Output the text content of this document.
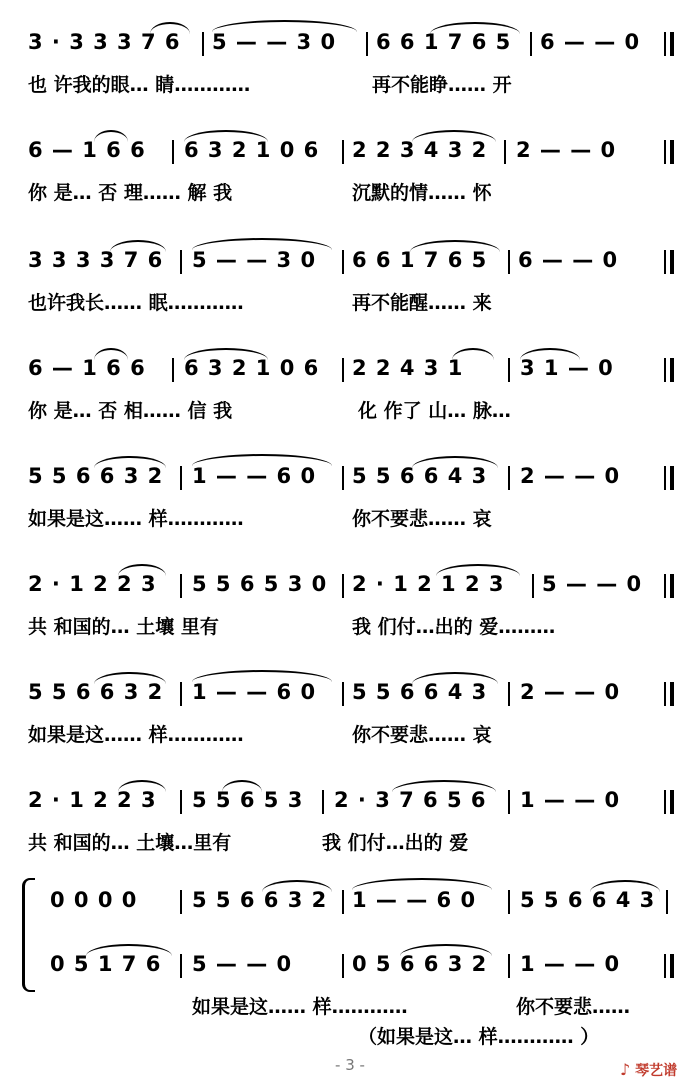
3 · 3 3 3 7 6 5 — — 3 0 6 6 1 7 6 5 6 — — 0
也 许我的眼… 睛…………	再不能睁…… 开
6 — 1 6 6 6 3 2 1 0 6 2 2 3 4 3 2 2 — — 0
你 是… 否 理…… 解 我	沉默的情…… 怀
3 3 3 3 7 6 5 — — 3 0 6 6 1 7 6 5 6 — — 0
也许我长…… 眠…………	再不能醒…… 来
6 — 1 6 6 6 3 2 1 0 6 2 2 4 3 1	3 1 — 0
你 是… 否 相…… 信 我	化 作了 山… 脉…
5 5 6 6 3 2 1 — — 6 0 5 5 6 6 4 3 2 — — 0
如果是这…… 样…………	你不要悲…… 哀
2 · 1 2 2 3 5 5 6 5 3 0 2 · 1 2 1 2 3 5 — — 0
共 和国的… 土壤 里有	我 们付…出的 爱………
5 5 6 6 3 2 1 — — 6 0 5 5 6 6 4 3 2 — — 0
如果是这…… 样…………	你不要悲…… 哀
2 · 1 2 2 3 5 5 6 5 3 2 · 3 7 6 5 6 1 — — 0
共 和国的… 土壤…里有	我 们付…出的 爱
0 0 0 0	5 5 6 6 3 2 1 — — 6 0 5 5 6 6 4 3
0 5 1 7 6 5 — — 0	0 5 6 6 3 2 1 — — 0
如果是这…… 样…………	你不要悲……
（如果是这… 样………… ）
- 3 -	♪ 琴艺谱
